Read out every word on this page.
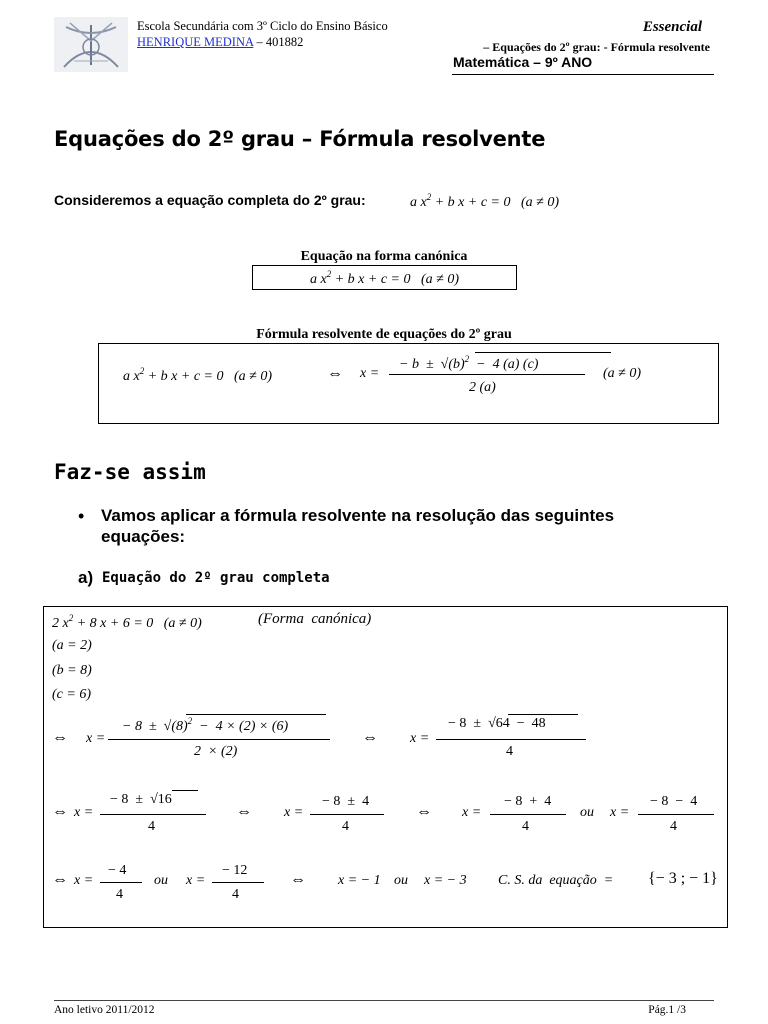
Escola Secundária com 3º Ciclo do Ensino Básico
HENRIQUE MEDINA – 401882
Essencial
– Equações do 2º grau: - Fórmula resolvente
Matemática – 9º ANO
Equações do 2º grau – Fórmula resolvente
Consideremos a equação completa do 2º grau:	a $x^2 + b$ x + c = 0   (a ≠ 0)
Equação na forma canónica
a $x^2 + b$ x + c = 0   (a ≠ 0)
Fórmula resolvente de equações do 2º grau
a $x^2 + b$ x + c = 0   (a ≠ 0)	⇔ x =
− $b \pm √(b)^2 - 4$ (a) (c)
2 (a)
(a ≠ 0)
Faz-se assim
• Vamos aplicar a fórmula resolvente na resolução das seguintes equações:
a) Equação do 2º grau completa
2 $x^2 + 8$ x + 6 = 0   (a ≠ 0)	(Forma  canónica)
(a = 2)
(b = 8)
(c = 6)
⇔ x =
− $8 \pm √(8)^2 - 4 \times (2) \times (6)$
2  × (2)
⇔ x =
− 8  ±  √64  −  48
4
⇔ x =
− 8  ±  √16
4
⇔ x =
− 8  ±  4
4
⇔ x =
− 8  +  4
4
ou x =
− 8  −  4
4
⇔ x =
− 4
4
ou x =
− 12
4
⇔ x = − 1 ou x = − 3 C. S. da  equação  = {− 3 ; − 1}
Ano letivo 2011/2012	Pág.1 /3
